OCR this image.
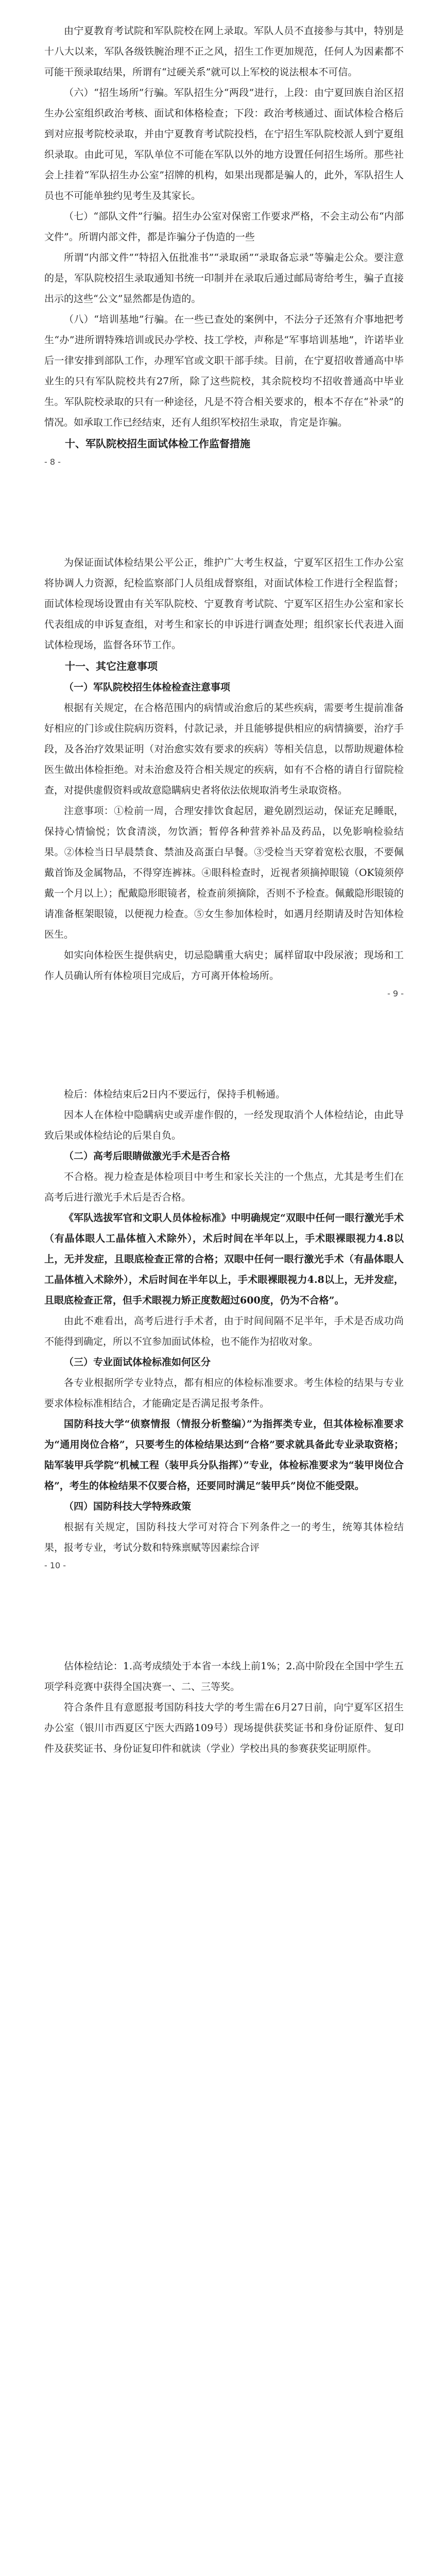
由宁夏教育考试院和军队院校在网上录取。军队人员不直接参与其中，特别是十八大以来，军队各级铁腕治理不正之风，招生工作更加规范，任何人为因素都不可能干预录取结果，所谓有“过硬关系”就可以上军校的说法根本不可信。

（六）“招生场所”行骗。军队招生分“两段”进行，上段：由宁夏回族自治区招生办公室组织政治考核、面试和体格检查；下段：政治考核通过、面试体检合格后到对应报考院校录取，并由宁夏教育考试院投档，在宁招生军队院校派人到宁夏组织录取。由此可见，军队单位不可能在军队以外的地方设置任何招生场所。那些社会上挂着“军队招生办公室”招牌的机构，如果出现都是骗人的，此外，军队招生人员也不可能单独约见考生及其家长。

（七）“部队文件”行骗。招生办公室对保密工作要求严格，不会主动公布“内部文件”。所谓内部文件，都是诈骗分子伪造的一些

所谓“内部文件”“特招入伍批准书”“录取函”“录取备忘录”等骗走公众。要注意的是，军队院校招生录取通知书统一印制并在录取后通过邮局寄给考生，骗子直接出示的这些“公文”显然都是伪造的。

（八）“培训基地”行骗。在一些已查处的案例中，不法分子还煞有介事地把考生“办”进所谓特殊培训或民办学校、技工学校，声称是“军事培训基地”，许诺毕业后一律安排到部队工作，办理军官或文职干部手续。目前，在宁夏招收普通高中毕业生的只有军队院校共有27所，除了这些院校，其余院校均不招收普通高中毕业生。军队院校录取的只有一种途径，凡是不符合相关要求的，根本不存在“补录”的情况。如承取工作已经结束，还有人组织军校招生录取，肯定是诈骗。

十、军队院校招生面试体检工作监督措施

- 8 -

为保证面试体检结果公平公正，维护广大考生权益，宁夏军区招生工作办公室将协调人力资源，纪检监察部门人员组成督察组，对面试体检工作进行全程监督；面试体检现场设置由有关军队院校、宁夏教育考试院、宁夏军区招生办公室和家长代表组成的申诉复查组，对考生和家长的申诉进行调查处理；组织家长代表进入面试体检现场，监督各环节工作。

十一、其它注意事项

（一）军队院校招生体检检查注意事项

根据有关规定，在合格范围内的病情或治愈后的某些疾病，需要考生提前准备好相应的门诊或住院病历资料，付款记录，并且能够提供相应的病情摘要，治疗手段，及各治疗效果证明（对治愈实效有要求的疾病）等相关信息，以帮助规避体检医生做出体检拒绝。对未治愈及符合相关规定的疾病，如有不合格的请自行留院检查，对提供虚假资料或故意隐瞒病史者将依法依规取消考生录取资格。

注意事项：①检前一周，合理安排饮食起居，避免剧烈运动，保证充足睡眠，保持心情愉悦；饮食清淡，勿饮酒；暂停各种营养补品及药品，以免影响检验结果。②体检当日早晨禁食、禁油及高蛋白早餐。③受检当天穿着宽松衣服，不要佩戴首饰及金属物品，不得穿连裤袜。④眼科检查时，近视者须摘掉眼镜（OK镜须停戴一个月以上）；配戴隐形眼镜者，检查前须摘除，否则不予检查。佩戴隐形眼镜的请准备框架眼镜，以便视力检查。⑤女生参加体检时，如遇月经期请及时告知体检医生。

如实向体检医生提供病史，切忌隐瞒重大病史；属样留取中段尿液；现场和工作人员确认所有体检项目完成后，方可离开体检场所。

- 9 -

检后：体检结束后2日内不要远行，保持手机畅通。

因本人在体检中隐瞒病史或弄虚作假的，一经发现取消个人体检结论，由此导致后果或体检结论的后果自负。

（二）高考后眼睛做激光手术是否合格

不合格。视力检查是体检项目中考生和家长关注的一个焦点，尤其是考生们在高考后进行激光手术后是否合格。

《军队选拔军官和文职人员体检标准》中明确规定“双眼中任何一眼行激光手术（有晶体眼人工晶体植入术除外），术后时间在半年以上，手术眼裸眼视力4.8以上，无并发症，且眼底检查正常的合格；双眼中任何一眼行激光手术（有晶体眼人工晶体植入术除外），术后时间在半年以上，手术眼裸眼视力4.8以上，无并发症，且眼底检查正常，但手术眼视力矫正度数超过600度，仍为不合格”。

由此不难看出，高考后进行手术者，由于时间间隔不足半年，手术是否成功尚不能得到确定，所以不宜参加面试体检，也不能作为招收对象。

（三）专业面试体检标准如何区分

各专业根据所学专业特点，都有相应的体检标准要求。考生体检的结果与专业要求体检标准相结合，才能确定是否满足报考条件。

国防科技大学“侦察情报（情报分析整编）”为指挥类专业，但其体检标准要求为“通用岗位合格”，只要考生的体检结果达到“合格”要求就具备此专业录取资格；陆军装甲兵学院“机械工程（装甲兵分队指挥）”专业，体检标准要求为“装甲岗位合格”，考生的体检结果不仅要合格，还要同时满足“装甲兵”岗位不能受限。

（四）国防科技大学特殊政策

根据有关规定，国防科技大学可对符合下列条件之一的考生，统筹其体检结果，报考专业，考试分数和特殊禀赋等因素综合评

- 10 -

估体检结论：1.高考成绩处于本省一本线上前1%；2.高中阶段在全国中学生五项学科竞赛中获得全国决赛一、二、三等奖。

符合条件且有意愿报考国防科技大学的考生需在6月27日前，向宁夏军区招生办公室（银川市西夏区宁医大西路109号）现场提供获奖证书和身份证原件、复印件及获奖证书、身份证复印件和就读（学业）学校出具的参赛获奖证明原件。
